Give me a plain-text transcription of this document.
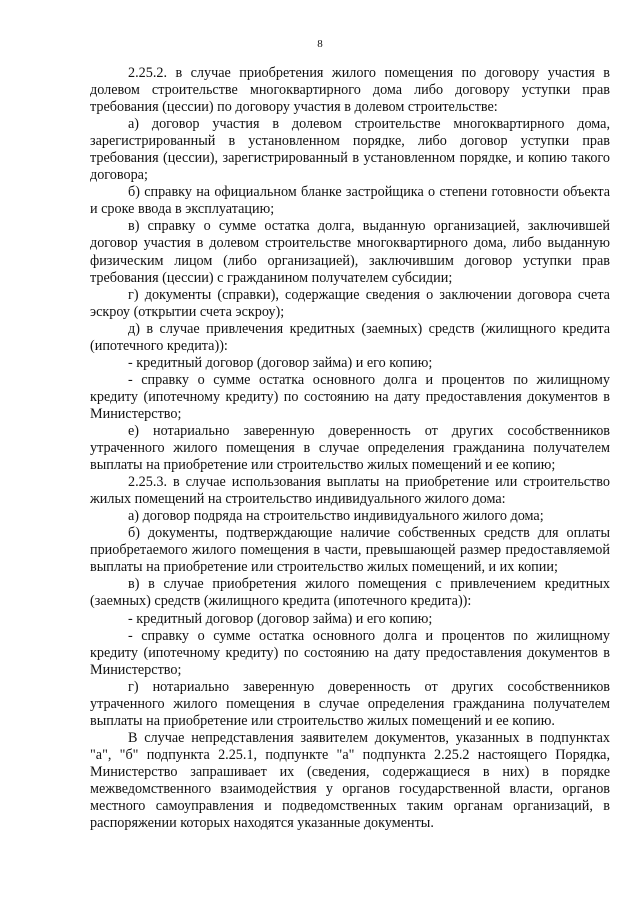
8

2.25.2. в случае приобретения жилого помещения по договору участия в долевом строительстве многоквартирного дома либо договору уступки прав требования (цессии) по договору участия в долевом строительстве:

а) договор участия в долевом строительстве многоквартирного дома, зарегистрированный в установленном порядке, либо договор уступки прав требования (цессии), зарегистрированный в установленном порядке, и копию такого договора;

б) справку на официальном бланке застройщика о степени готовности объекта и сроке ввода в эксплуатацию;

в) справку о сумме остатка долга, выданную организацией, заключившей договор участия в долевом строительстве многоквартирного дома, либо выданную физическим лицом (либо организацией), заключившим договор уступки прав требования (цессии) с гражданином получателем субсидии;

г) документы (справки), содержащие сведения о заключении договора счета эскроу (открытии счета эскроу);

д) в случае привлечения кредитных (заемных) средств (жилищного кредита (ипотечного кредита)):

- кредитный договор (договор займа) и его копию;

- справку о сумме остатка основного долга и процентов по жилищному кредиту (ипотечному кредиту) по состоянию на дату предоставления документов в Министерство;

е) нотариально заверенную доверенность от других сособственников утраченного жилого помещения в случае определения гражданина получателем выплаты на приобретение или строительство жилых помещений и ее копию;

2.25.3. в случае использования выплаты на приобретение или строительство жилых помещений на строительство индивидуального жилого дома:

а) договор подряда на строительство индивидуального жилого дома;

б) документы, подтверждающие наличие собственных средств для оплаты приобретаемого жилого помещения в части, превышающей размер предоставляемой выплаты на приобретение или строительство жилых помещений, и их копии;

в) в случае приобретения жилого помещения с привлечением кредитных (заемных) средств (жилищного кредита (ипотечного кредита)):

- кредитный договор (договор займа) и его копию;

- справку о сумме остатка основного долга и процентов по жилищному кредиту (ипотечному кредиту) по состоянию на дату предоставления документов в Министерство;

г) нотариально заверенную доверенность от других сособственников утраченного жилого помещения в случае определения гражданина получателем выплаты на приобретение или строительство жилых помещений и ее копию.

В случае непредставления заявителем документов, указанных в подпунктах "а", "б" подпункта 2.25.1, подпункте "а" подпункта 2.25.2 настоящего Порядка, Министерство запрашивает их (сведения, содержащиеся в них) в порядке межведомственного взаимодействия у органов государственной власти, органов местного самоуправления и подведомственных таким органам организаций, в распоряжении которых находятся указанные документы.
